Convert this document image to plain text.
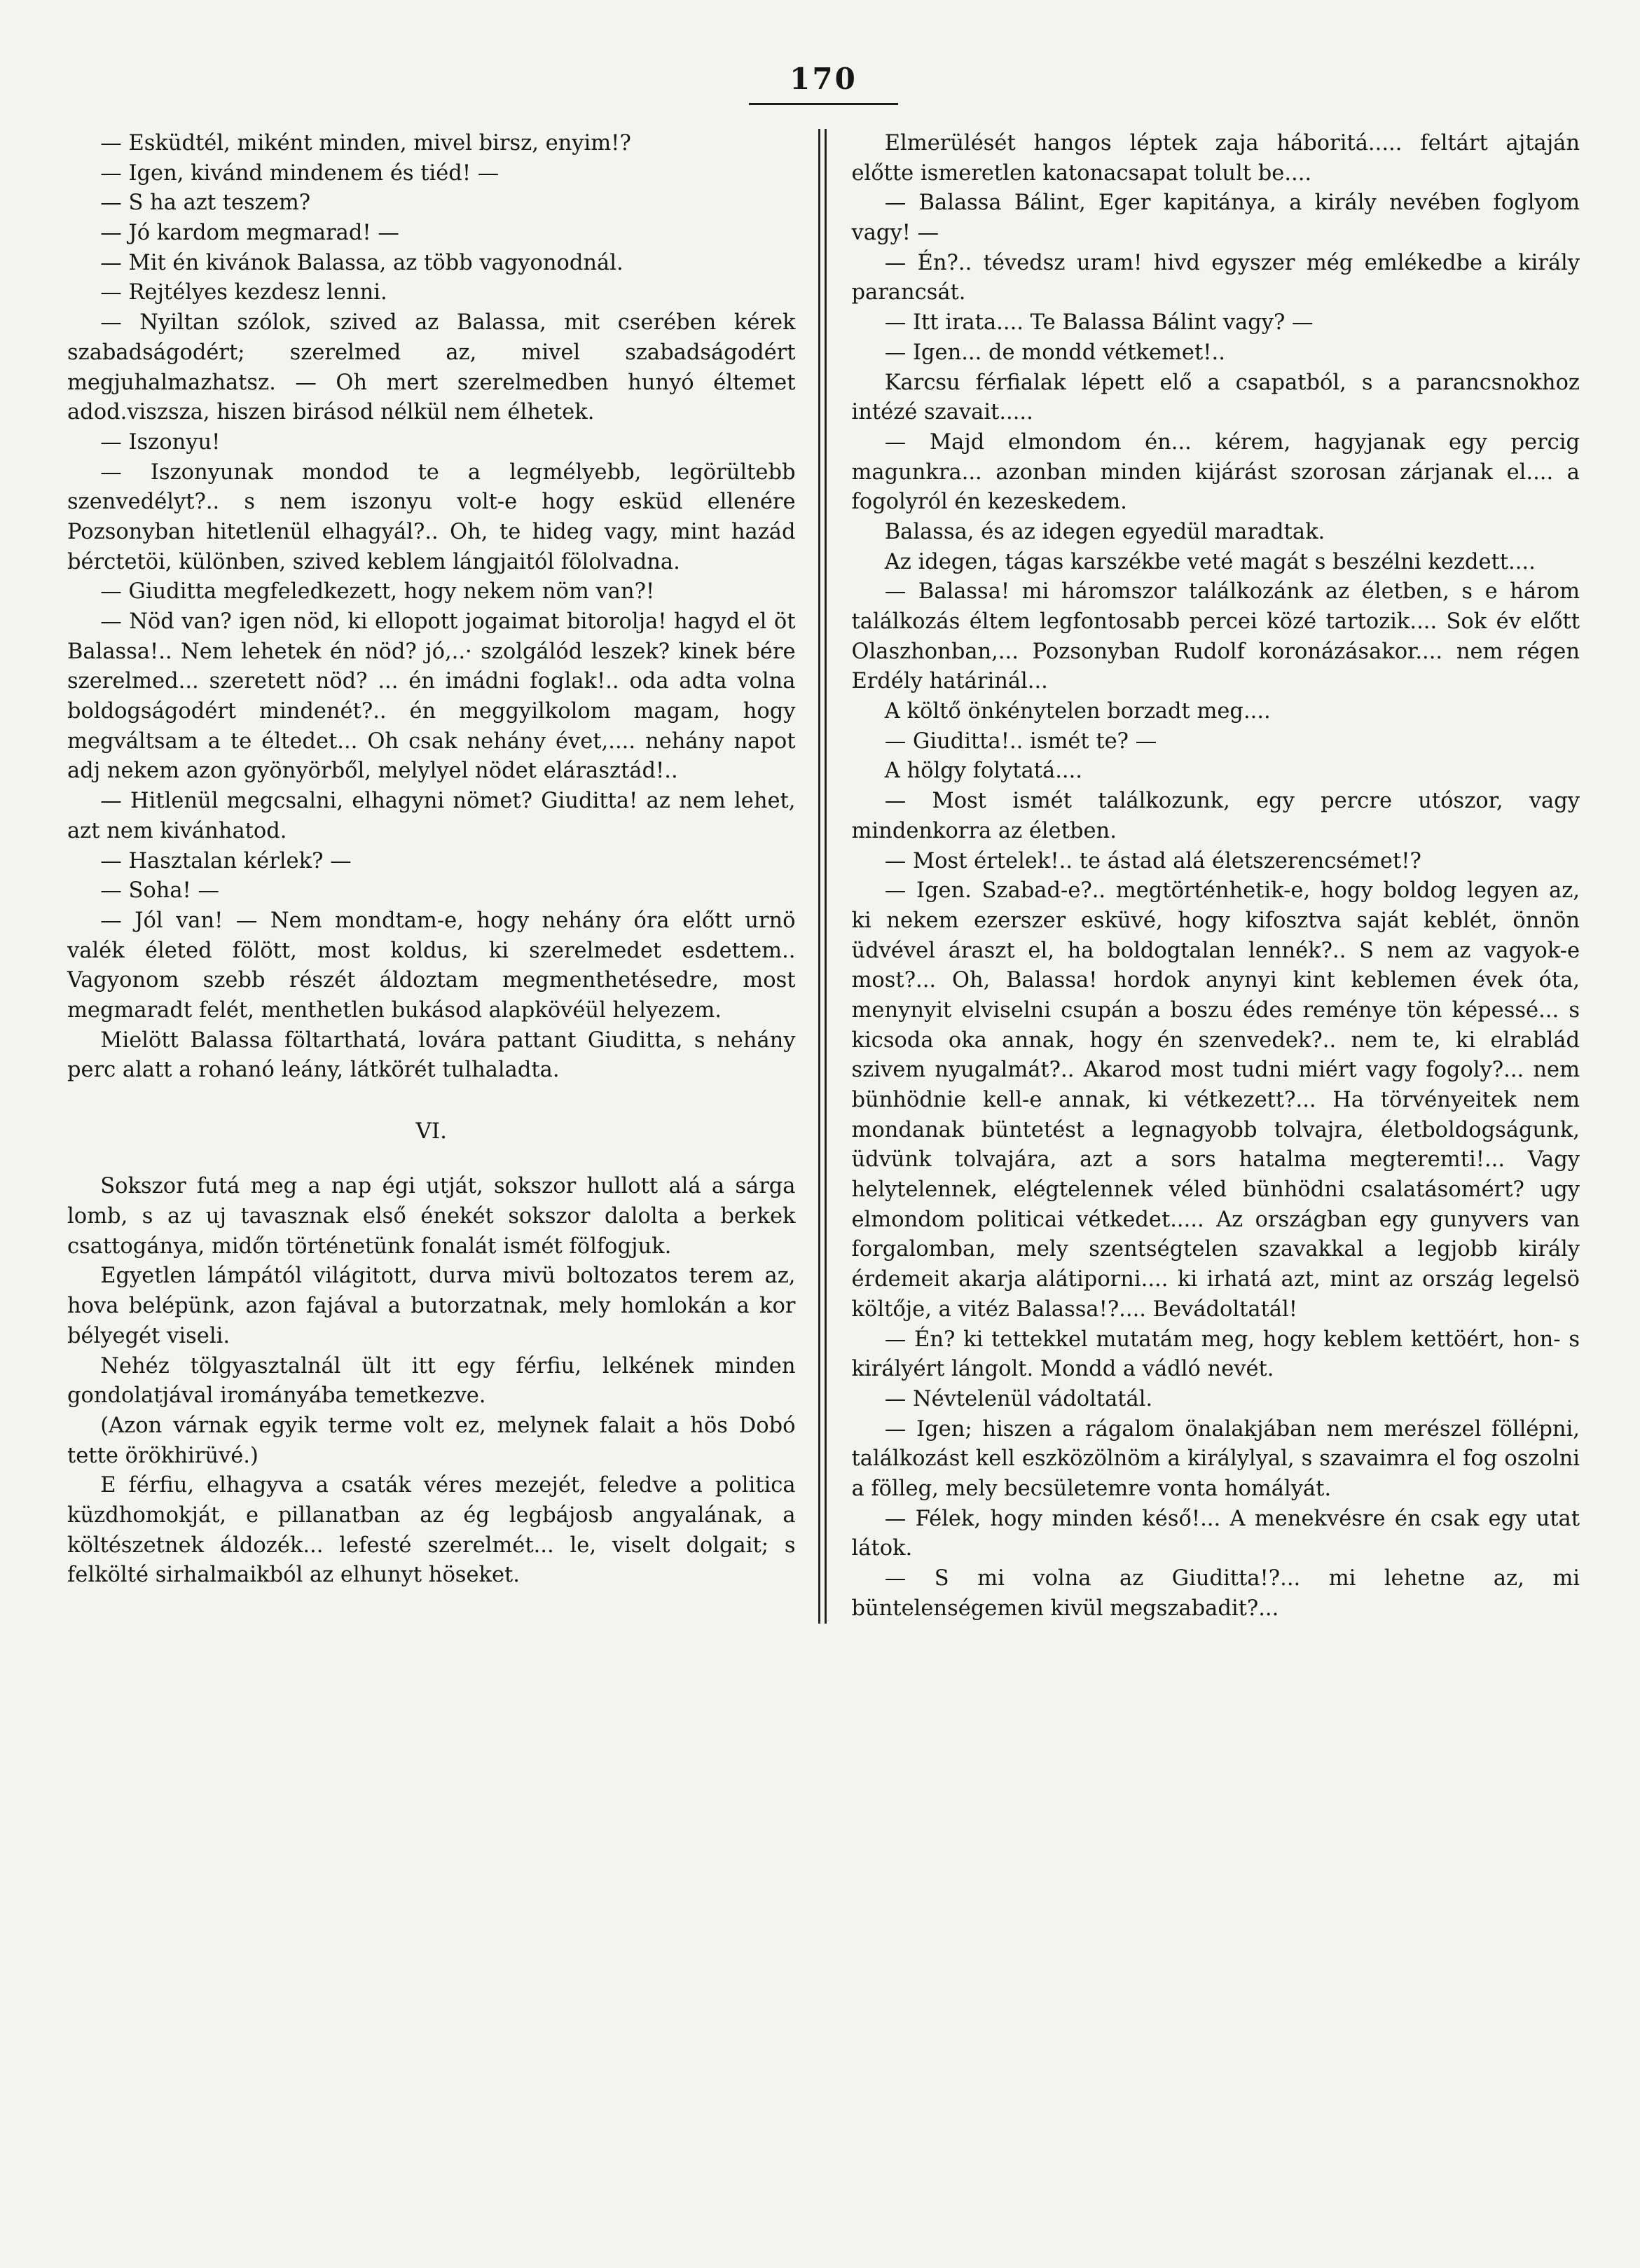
170

— Esküdtél, miként minden, mivel birsz, enyim!?

— Igen, kivánd mindenem és tiéd! —

— S ha azt teszem?

— Jó kardom megmarad! —

— Mit én kivánok Balassa, az több vagyonodnál.

— Rejtélyes kezdesz lenni.

— Nyiltan szólok, szived az Balassa, mit cserében kérek szabadságodért; szerelmed az, mivel szabadságodért megjuhalmazhatsz. — Oh mert szerelmedben hunyó éltemet adod.viszsza, hiszen birásod nélkül nem élhetek.

— Iszonyu!

— Iszonyunak mondod te a legmélyebb, legörültebb szenvedélyt?.. s nem iszonyu volt-e hogy esküd ellenére Pozsonyban hitetlenül elhagyál?.. Oh, te hideg vagy, mint hazád bérctetöi, különben, szived keblem lángjaitól fölolvadna.

— Giuditta megfeledkezett, hogy nekem nöm van?!

— Nöd van? igen nöd, ki ellopott jogaimat bitorolja! hagyd el öt Balassa!.. Nem lehetek én nöd? jó,..· szolgálód leszek? kinek bére szerelmed... szeretett nöd? ... én imádni foglak!.. oda adta volna boldogságodért mindenét?.. én meggyilkolom magam, hogy megváltsam a te éltedet... Oh csak nehány évet,.... nehány napot adj nekem azon gyönyörből, melylyel nödet elárasztád!..

— Hitlenül megcsalni, elhagyni nömet? Giuditta! az nem lehet, azt nem kivánhatod.

— Hasztalan kérlek? —

— Soha! —

— Jól van! — Nem mondtam-e, hogy nehány óra előtt urnö valék életed fölött, most koldus, ki szerelmedet esdettem.. Vagyonom szebb részét áldoztam megmenthetésedre, most megmaradt felét, menthetlen bukásod alapkövéül helyezem.

Mielött Balassa föltarthatá, lovára pattant Giuditta, s nehány perc alatt a rohanó leány, látkörét tulhaladta.

VI.

Sokszor futá meg a nap égi utját, sokszor hullott alá a sárga lomb, s az uj tavasznak első énekét sokszor dalolta a berkek csattogánya, midőn történetünk fonalát ismét fölfogjuk.

Egyetlen lámpától világitott, durva mivü boltozatos terem az, hova belépünk, azon fajával a butorzatnak, mely homlokán a kor bélyegét viseli.

Nehéz tölgyasztalnál ült itt egy férfiu, lelkének minden gondolatjával irományába temetkezve.

(Azon várnak egyik terme volt ez, melynek falait a hös Dobó tette örökhirüvé.)

E férfiu, elhagyva a csaták véres mezejét, feledve a politica küzdhomokját, e pillanatban az ég legbájosb angyalának, a költészetnek áldozék... lefesté szerelmét... le, viselt dolgait; s felkölté sirhalmaikból az elhunyt höseket.

Elmerülését hangos léptek zaja háboritá..... feltárt ajtaján előtte ismeretlen katonacsapat tolult be....

— Balassa Bálint, Eger kapitánya, a király nevében foglyom vagy! —

— Én?.. tévedsz uram! hivd egyszer még emlékedbe a király parancsát.

— Itt irata.... Te Balassa Bálint vagy? —

— Igen... de mondd vétkemet!..

Karcsu férfialak lépett elő a csapatból, s a parancsnokhoz intézé szavait.....

— Majd elmondom én... kérem, hagyjanak egy percig magunkra... azonban minden kijárást szorosan zárjanak el.... a fogolyról én kezeskedem.

Balassa, és az idegen egyedül maradtak.

Az idegen, tágas karszékbe veté magát s beszélni kezdett....

— Balassa! mi háromszor találkozánk az életben, s e három találkozás éltem legfontosabb percei közé tartozik.... Sok év előtt Olaszhonban,... Pozsonyban Rudolf koronázásakor.... nem régen Erdély határinál...

A költő önkénytelen borzadt meg....

— Giuditta!.. ismét te? —

A hölgy folytatá....

— Most ismét találkozunk, egy percre utószor, vagy mindenkorra az életben.

— Most értelek!.. te ástad alá életszerencsémet!?

— Igen. Szabad-e?.. megtörténhetik-e, hogy boldog legyen az, ki nekem ezerszer esküvé, hogy kifosztva saját keblét, önnön üdvével áraszt el, ha boldogtalan lennék?.. S nem az vagyok-e most?... Oh, Balassa! hordok anynyi kint keblemen évek óta, menynyit elviselni csupán a boszu édes reménye tön képessé... s kicsoda oka annak, hogy én szenvedek?.. nem te, ki elrablád szivem nyugalmát?.. Akarod most tudni miért vagy fogoly?... nem bünhödnie kell-e annak, ki vétkezett?... Ha törvényeitek nem mondanak büntetést a legnagyobb tolvajra, életboldogságunk, üdvünk tolvajára, azt a sors hatalma megteremti!... Vagy helytelennek, elégtelennek véled bünhödni csalatásomért? ugy elmondom politicai vétkedet..... Az országban egy gunyvers van forgalomban, mely szentségtelen szavakkal a legjobb király érdemeit akarja alátiporni.... ki irhatá azt, mint az ország legelsö költője, a vitéz Balassa!?.... Bevádoltatál!

— Én? ki tettekkel mutatám meg, hogy keblem kettöért, hon- s királyért lángolt. Mondd a vádló nevét.

— Névtelenül vádoltatál.

— Igen; hiszen a rágalom önalakjában nem merészel föllépni, találkozást kell eszközölnöm a királylyal, s szavaimra el fog oszolni a fölleg, mely becsületemre vonta homályát.

— Félek, hogy minden késő!... A menekvésre én csak egy utat látok.

— S mi volna az Giuditta!?... mi lehetne az, mi büntelenségemen kivül megszabadit?...
